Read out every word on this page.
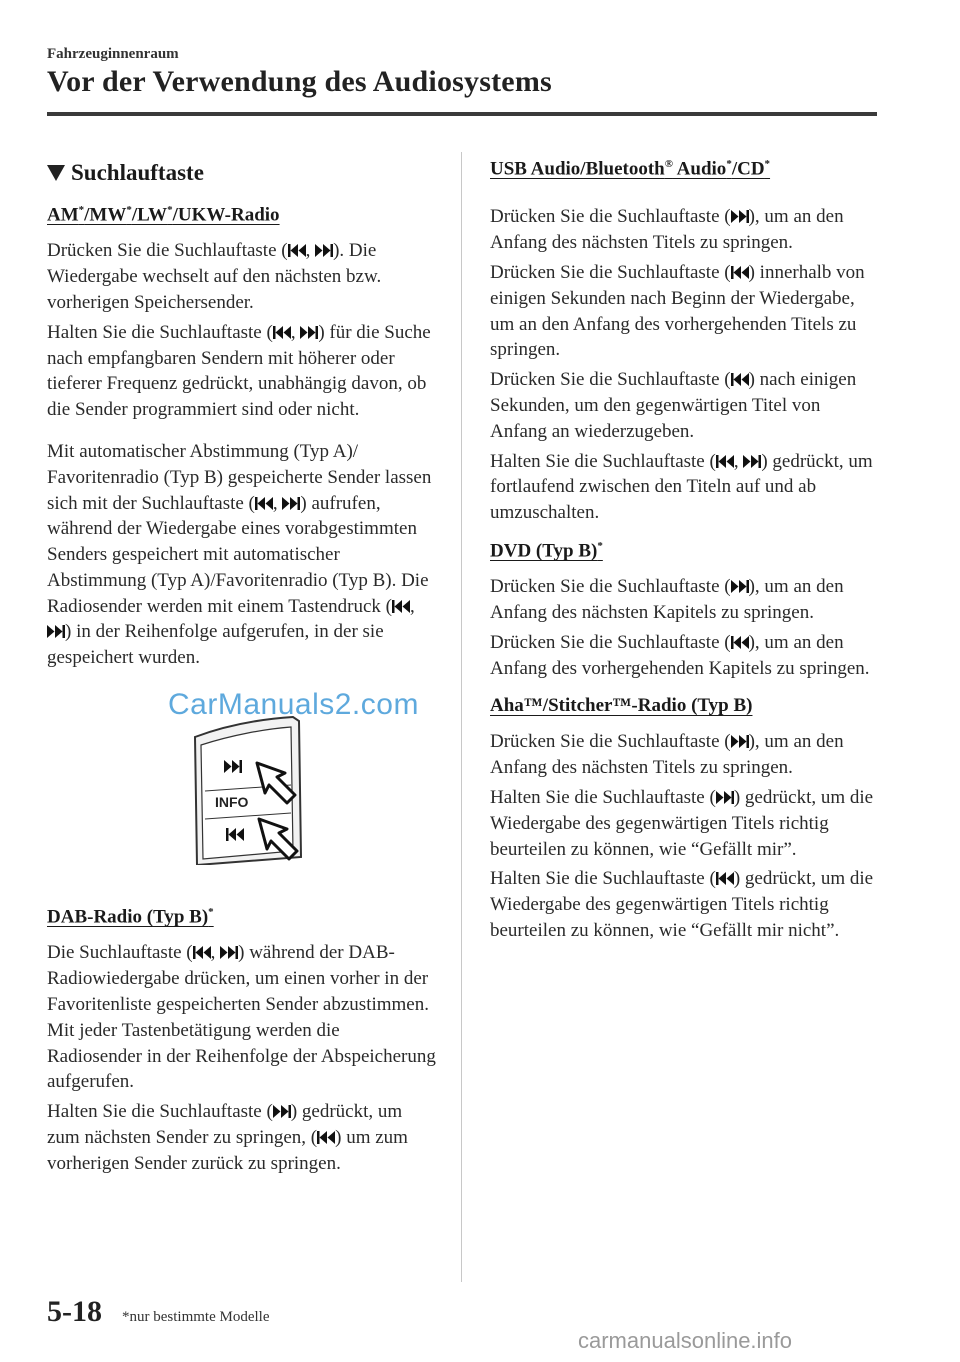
Fahrzeuginnenraum
Vor der Verwendung des Audiosystems
Suchlauftaste
AM*/MW*/LW*/UKW-Radio

Drücken Sie die Suchlauftaste ( , ). Die Wiedergabe wechselt auf den nächsten bzw. vorherigen Speichersender.

Halten Sie die Suchlauftaste ( , ) für die Suche nach empfangbaren Sendern mit höherer oder tieferer Frequenz gedrückt, unabhängig davon, ob die Sender programmiert sind oder nicht.

Mit automatischer Abstimmung (Typ A)/ Favoritenradio (Typ B) gespeicherte Sender lassen sich mit der Suchlauftaste ( , ) aufrufen, während der Wiedergabe eines vorabgestimmten Senders gespeichert mit automatischer Abstimmung (Typ A)/Favoritenradio (Typ B). Die Radiosender werden mit einem Tastendruck ( , ) in der Reihenfolge aufgerufen, in der sie gespeichert wurden.

INFO
DAB-Radio (Typ B)*

Die Suchlauftaste ( , ) während der DAB-Radiowiedergabe drücken, um einen vorher in der Favoritenliste gespeicherten Sender abzustimmen. Mit jeder Tastenbetätigung werden die Radiosender in der Reihenfolge der Abspeicherung aufgerufen.

Halten Sie die Suchlauftaste ( ) gedrückt, um zum nächsten Sender zu springen, ( ) um zum vorherigen Sender zurück zu springen.

USB Audio/Bluetooth® Audio*/CD*

Drücken Sie die Suchlauftaste ( ), um an den Anfang des nächsten Titels zu springen.

Drücken Sie die Suchlauftaste ( ) innerhalb von einigen Sekunden nach Beginn der Wiedergabe, um an den Anfang des vorhergehenden Titels zu springen.

Drücken Sie die Suchlauftaste ( ) nach einigen Sekunden, um den gegenwärtigen Titel von Anfang an wiederzugeben.

Halten Sie die Suchlauftaste ( , ) gedrückt, um fortlaufend zwischen den Titeln auf und ab umzuschalten.

DVD (Typ B)*

Drücken Sie die Suchlauftaste ( ), um an den Anfang des nächsten Kapitels zu springen.

Drücken Sie die Suchlauftaste ( ), um an den Anfang des vorhergehenden Kapitels zu springen.

Aha™/Stitcher™-Radio (Typ B)

Drücken Sie die Suchlauftaste ( ), um an den Anfang des nächsten Titels zu springen.

Halten Sie die Suchlauftaste ( ) gedrückt, um die Wiedergabe des gegenwärtigen Titels richtig beurteilen zu können, wie “Gefällt mir”.

Halten Sie die Suchlauftaste ( ) gedrückt, um die Wiedergabe des gegenwärtigen Titels richtig beurteilen zu können, wie “Gefällt mir nicht”.

CarManuals2.com
5-18 *nur bestimmte Modelle
carmanualsonline.info
